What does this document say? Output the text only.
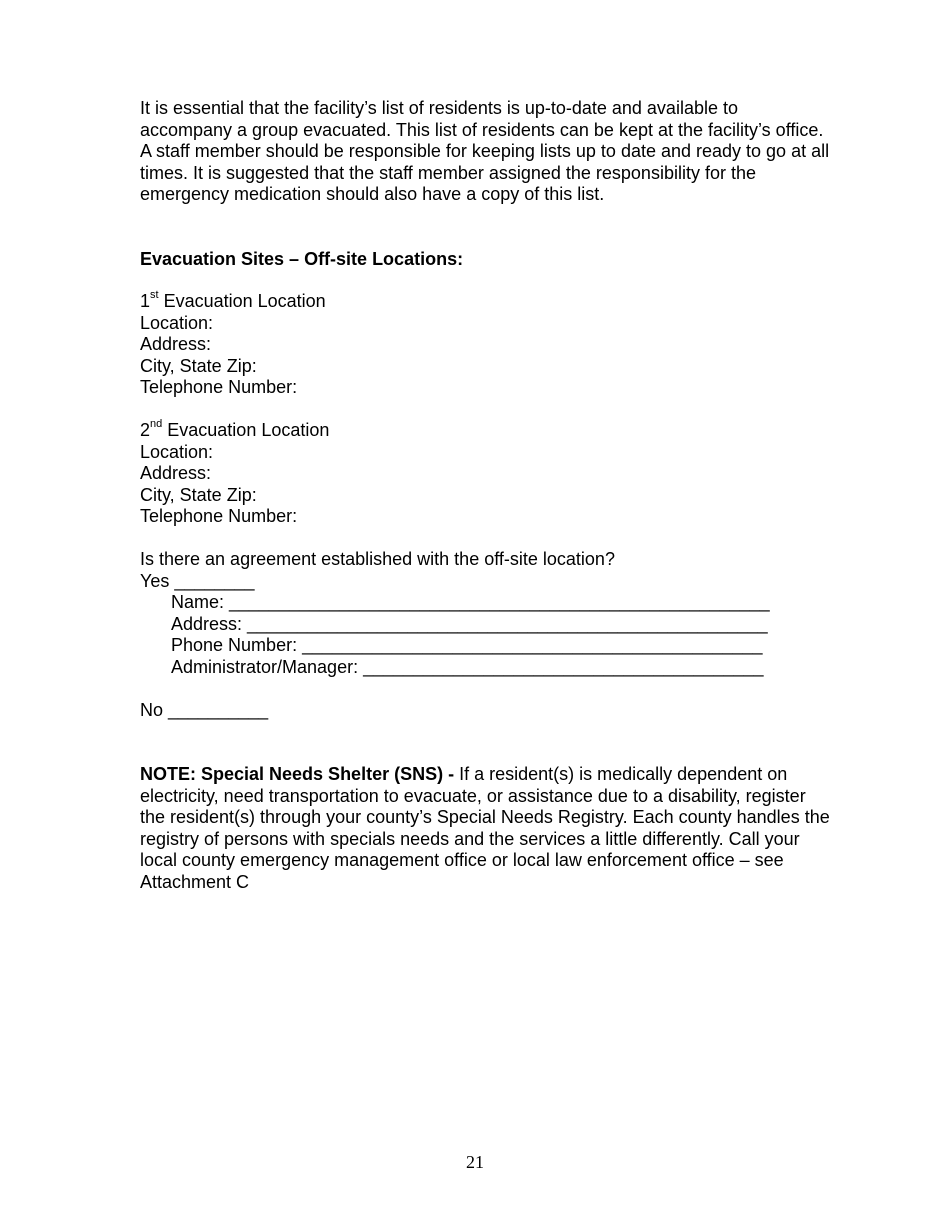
It is essential that the facility’s list of residents is up-to-date and available to accompany a group evacuated. This list of residents can be kept at the facility’s office. A staff member should be responsible for keeping lists up to date and ready to go at all times. It is suggested that the staff member assigned the responsibility for the emergency medication should also have a copy of this list.

Evacuation Sites – Off-site Locations:

1st Evacuation Location

Location:

Address:

City, State Zip:

Telephone Number:

2nd Evacuation Location

Location:

Address:

City, State Zip:

Telephone Number:

Is there an agreement established with the off-site location?

Yes ________

Name: ______________________________________________________

Address: ____________________________________________________

Phone Number: ______________________________________________

Administrator/Manager: ________________________________________

No __________

NOTE: Special Needs Shelter (SNS) - If a resident(s) is medically dependent on electricity, need transportation to evacuate, or assistance due to a disability, register the resident(s) through your county’s Special Needs Registry. Each county handles the registry of persons with specials needs and the services a little differently. Call your local county emergency management office or local law enforcement office – see Attachment C

21
